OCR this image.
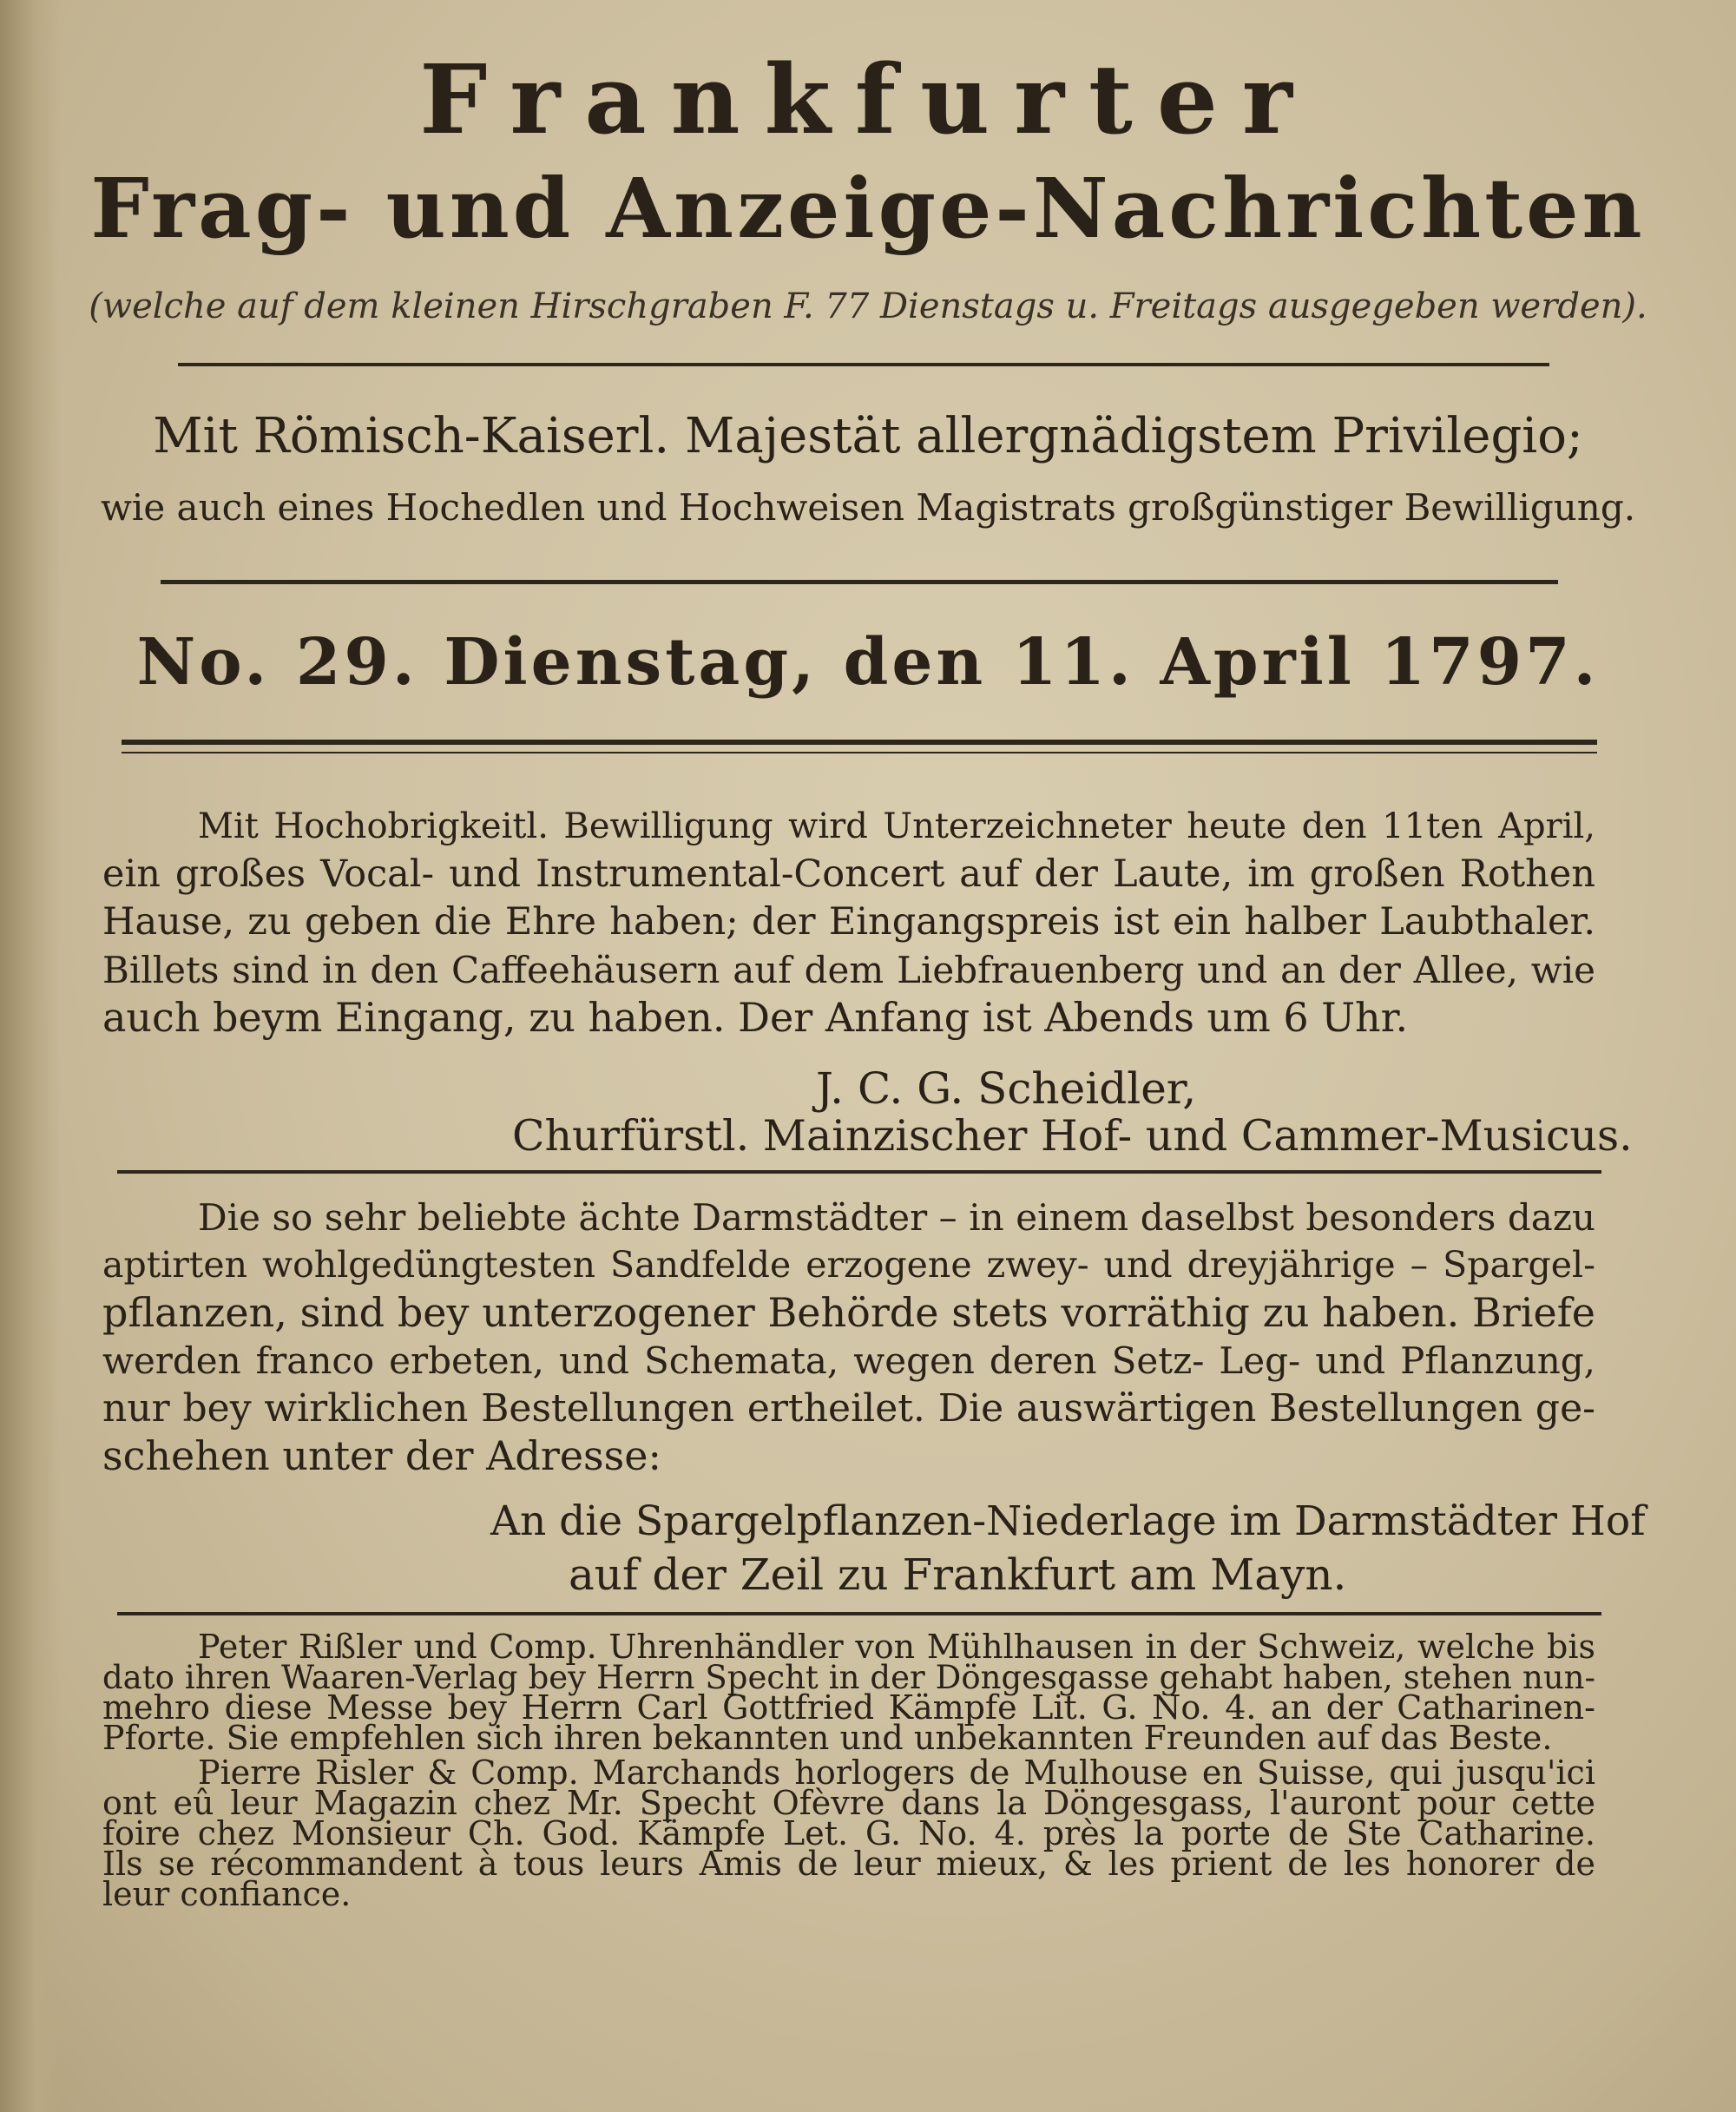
Frankfurter
Frag- und Anzeige-Nachrichten
(welche auf dem kleinen Hirschgraben F. 77 Dienstags u. Freitags ausgegeben werden).
Mit Römisch-Kaiserl. Majestät allergnädigstem Privilegio;
wie auch eines Hochedlen und Hochweisen Magistrats großgünstiger Bewilligung.
No. 29. Dienstag, den 11. April 1797.
Mit Hochobrigkeitl. Bewilligung wird Unterzeichneter heute den 11ten April,
ein großes Vocal- und Instrumental-Concert auf der Laute, im großen Rothen
Hause, zu geben die Ehre haben; der Eingangspreis ist ein halber Laubthaler.
Billets sind in den Caffeehäusern auf dem Liebfrauenberg und an der Allee, wie
auch beym Eingang, zu haben. Der Anfang ist Abends um 6 Uhr.
J. C. G. Scheidler,
Churfürstl. Mainzischer Hof- und Cammer-Musicus.
Die so sehr beliebte ächte Darmstädter – in einem daselbst besonders dazu
aptirten wohlgedüngtesten Sandfelde erzogene zwey- und dreyjährige – Spargel-
pflanzen, sind bey unterzogener Behörde stets vorräthig zu haben. Briefe
werden franco erbeten, und Schemata, wegen deren Setz- Leg- und Pflanzung,
nur bey wirklichen Bestellungen ertheilet. Die auswärtigen Bestellungen ge-
schehen unter der Adresse:
An die Spargelpflanzen-Niederlage im Darmstädter Hof
auf der Zeil zu Frankfurt am Mayn.
Peter Rißler und Comp. Uhrenhändler von Mühlhausen in der Schweiz, welche bis
dato ihren Waaren-Verlag bey Herrn Specht in der Döngesgasse gehabt haben, stehen nun-
mehro diese Messe bey Herrn Carl Gottfried Kämpfe Lit. G. No. 4. an der Catharinen-
Pforte. Sie empfehlen sich ihren bekannten und unbekannten Freunden auf das Beste.
Pierre Risler & Comp. Marchands horlogers de Mulhouse en Suisse, qui jusqu'ici
ont eû leur Magazin chez Mr. Specht Ofèvre dans la Döngesgass, l'auront pour cette
foire chez Monsieur Ch. God. Kämpfe Let. G. No. 4. près la porte de Ste Catharine.
Ils se récommandent à tous leurs Amis de leur mieux, & les prient de les honorer de
leur confiance.
